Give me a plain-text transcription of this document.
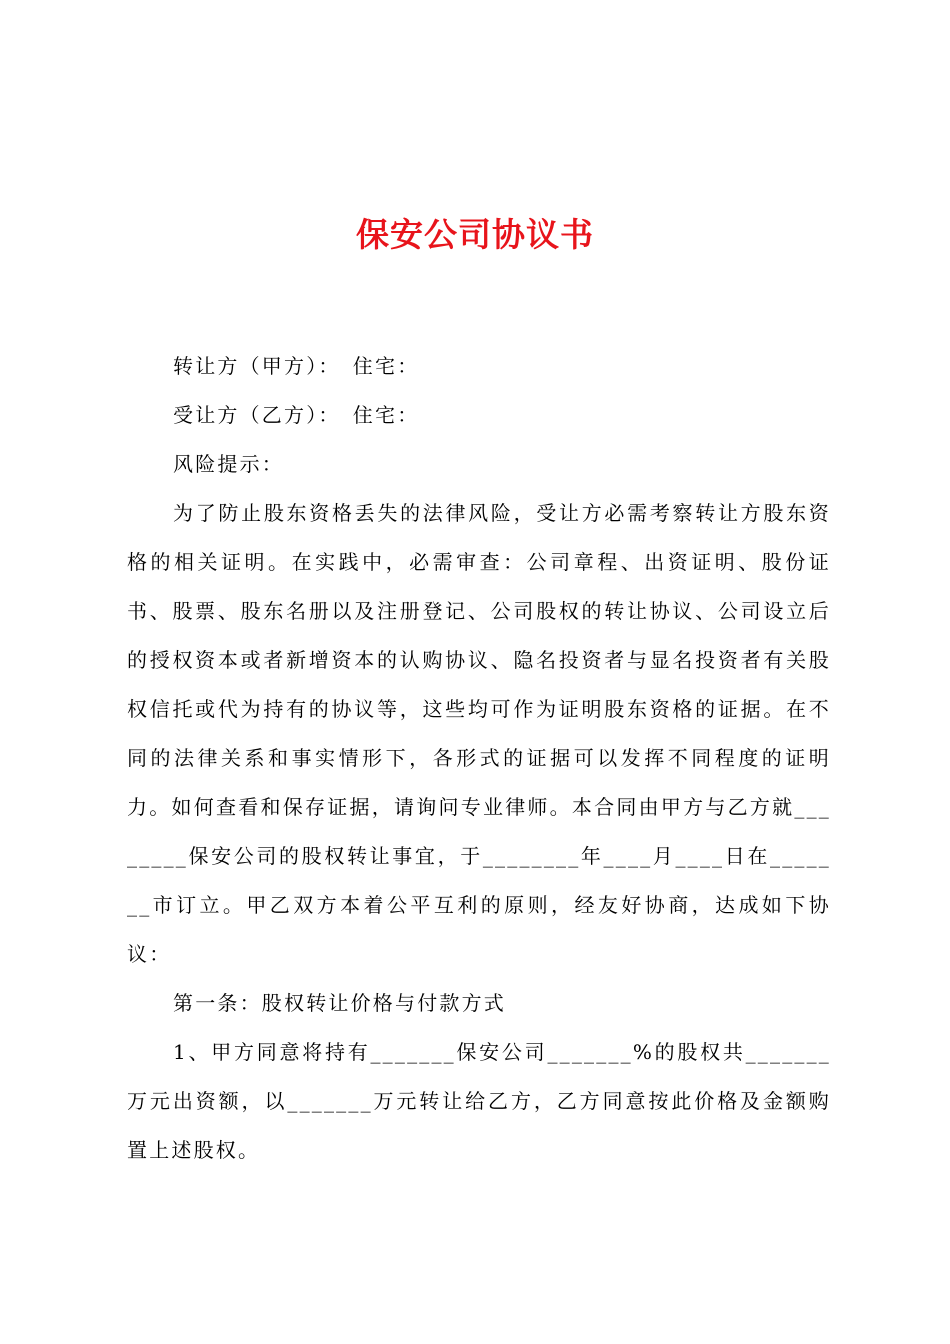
保安公司协议书

转让方（甲方）：　住宅：

受让方（乙方）：　住宅：

风险提示：

为了防止股东资格丢失的法律风险，受让方必需考察转让方股东资格的相关证明。在实践中，必需审查：公司章程、出资证明、股份证书、股票、股东名册以及注册登记、公司股权的转让协议、公司设立后的授权资本或者新增资本的认购协议、隐名投资者与显名投资者有关股权信托或代为持有的协议等，这些均可作为证明股东资格的证据。在不同的法律关系和事实情形下，各形式的证据可以发挥不同程度的证明力。如何查看和保存证据，请询问专业律师。本合同由甲方与乙方就________保安公司的股权转让事宜，于________年____月____日在_______市订立。甲乙双方本着公平互利的原则，经友好协商，达成如下协议：

第一条：股权转让价格与付款方式

1、甲方同意将持有_______保安公司_______%的股权共_______万元出资额，以_______万元转让给乙方，乙方同意按此价格及金额购置上述股权。
